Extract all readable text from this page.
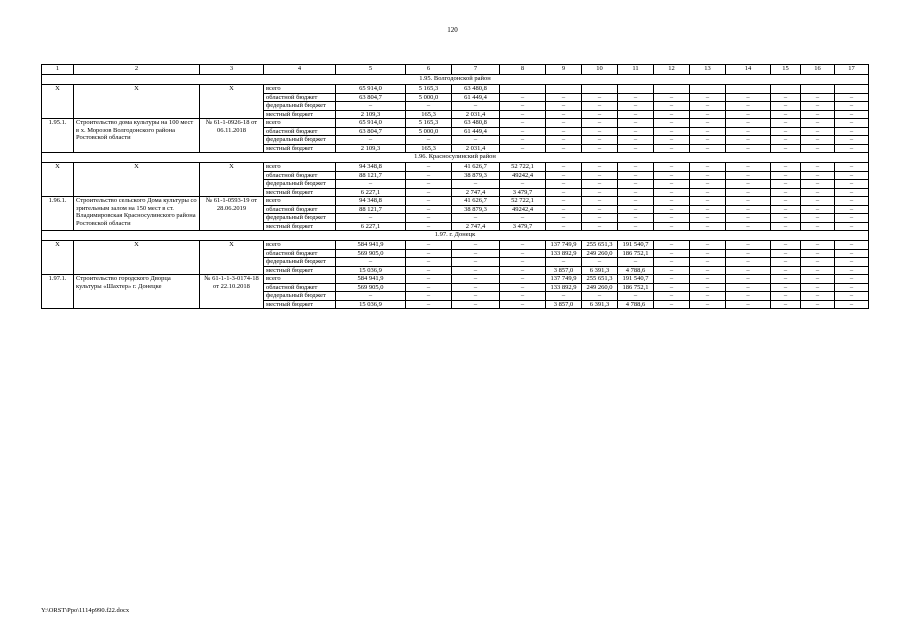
120
1	2	3	4	5	6	7	8	9	10	11	12	13	14	15	16	17
1.95. Волгодонской район																
Х	Х	Х	всего	65 914,0	5 165,3	63 480,8										
			областной бюджет	63 804,7	5 000,0	61 449,4	–	–	–	–	–	–	–	–	–	–
			федеральный бюджет	–	–	–	–	–	–	–	–	–	–	–	–	–
			местный бюджет	2 109,3	165,3	2 031,4	–	–	–	–	–	–	–	–	–	–
1.95.1.	Строительство дома культуры на 100 мест в х. Морозов Волгодонского района Ростовской области	№ 61-1-0926-18 от 06.11.2018	всего	65 914,0	5 165,3	63 480,8	–	–	–	–	–	–	–	–	–	–
			областной бюджет	63 804,7	5 000,0	61 449,4	–	–	–	–	–	–	–	–	–	–
			федеральный бюджет	–	–	–	–	–	–	–	–	–	–	–	–	–
			местный бюджет	2 109,3	165,3	2 031,4	–	–	–	–	–	–	–	–	–	–
1.96. Красносулинский район																
Х	Х	Х	всего	94 348,8	–	41 626,7	52 722,1	–	–	–	–	–	–	–	–	–
			областной бюджет	88 121,7	–	38 879,3	49242,4	–	–	–	–	–	–	–	–	–
			федеральный бюджет	–	–	–	–	–	–	–	–	–	–	–	–	–
			местный бюджет	6 227,1	–	2 747,4	3 479,7	–	–	–	–	–	–	–	–	–
1.96.1.	Строительство сельского Дома культуры со зрительным залом на 150 мест в ст. Владимировская Красносулинского района Ростовской области	№ 61-1-0593-19 от 28.06.2019	всего	94 348,8	–	41 626,7	52 722,1	–	–	–	–	–	–	–	–	–
			областной бюджет	88 121,7	–	38 879,3	49242,4	–	–	–	–	–	–	–	–	–
			федеральный бюджет	–	–	–	–	–	–	–	–	–	–	–	–	–
			местный бюджет	6 227,1	–	2 747,4	3 479,7	–	–	–	–	–	–	–	–	–
1.97. г. Донецк																
Х	Х	Х	всего	584 941,9	–	–	–	137 749,9	255 651,3	191 540,7	–	–	–	–	–	–
			областной бюджет	569 905,0	–	–	–	133 892,9	249 260,0	186 752,1	–	–	–	–	–	–
			федеральный бюджет	–	–	–	–	–	–	–	–	–	–	–	–	–
			местный бюджет	15 036,9	–	–	–	3 857,0	6 391,3	4 788,6	–	–	–	–	–	–
1.97.1.	Строительство городского Дворца культуры «Шахтер» г. Донецке	№ 61-1-1-3-0174-18 от 22.10.2018	всего	584 941,9	–	–	–	137 749,9	255 651,3	191 540,7	–	–	–	–	–	–
			областной бюджет	569 905,0	–	–	–	133 892,9	249 260,0	186 752,1	–	–	–	–	–	–
			федеральный бюджет	–	–	–	–	–	–	–	–	–	–	–	–	–
			местный бюджет	15 036,9	–	–	–	3 857,0	6 391,3	4 788,6	–	–	–	–	–	–
Y:\ORST\Ppo\1114p990.f22.docx
